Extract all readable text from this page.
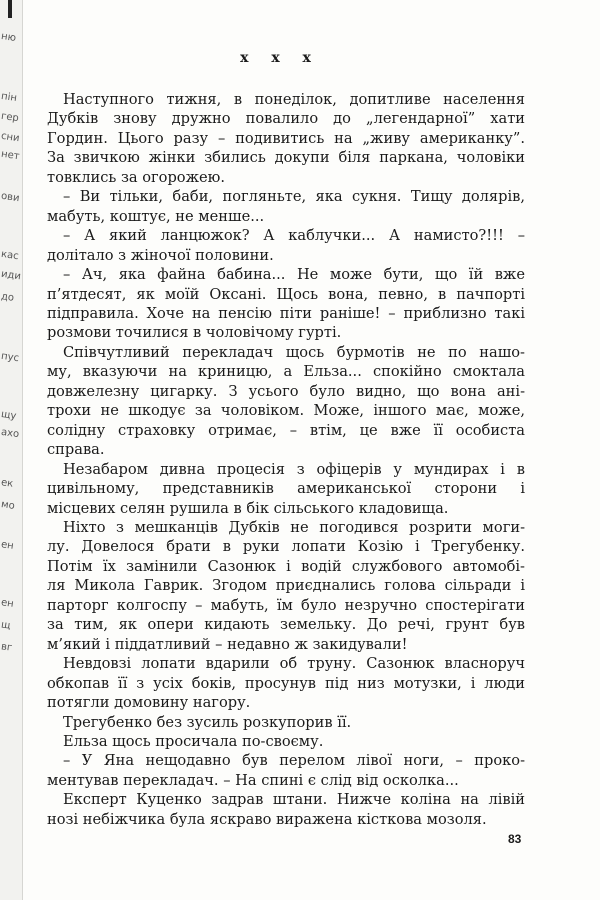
ню
пін
гер
сни
нет
ови
кас
иди
до
пус
щу
ахо
ек
мо
ен
ен
щ
вг
x x x
Наступного тижня, в понеділок, допитливе населення
Дубків знову дружно повалило до „легендарної” хати
Гордин. Цього разу – подивитись на „живу американку”.
За звичкою жінки збились докупи біля паркана, чоловіки
товклись за огорожею.
– Ви тільки, баби, погляньте, яка сукня. Тищу долярів,
мабуть, коштує, не менше...
– А який ланцюжок? А каблучки... А намисто?!!! –
долітало з жіночої половини.
– Ач, яка файна бабина... Не може бути, що їй вже
п’ятдесят, як моїй Оксані. Щось вона, певно, в пачпорті
підправила. Хоче на пенсію піти раніше! – приблизно такі
розмови точилися в чоловічому гурті.
Співчутливий перекладач щось бурмотів не по нашо-
му, вказуючи на криницю, а Ельза... спокійно смоктала
довжелезну цигарку. З усього було видно, що вона ані-
трохи не шкодує за чоловіком. Може, іншого має, може,
солідну страховку отримає, – втім, це вже її особиста
справа.
Незабаром дивна процесія з офіцерів у мундирах і в
цивільному, представників американської сторони і
місцевих селян рушила в бік сільського кладовища.
Ніхто з мешканців Дубків не погодився розрити моги-
лу. Довелося брати в руки лопати Козію і Трегубенку.
Потім їх замінили Сазонюк і водій службового автомобі-
ля Микола Гаврик. Згодом приєднались голова сільради і
парторг колгоспу – мабуть, їм було незручно спостерігати
за тим, як опери кидають земельку. До речі, грунт був
м’який і піддатливий – недавно ж закидували!
Невдовзі лопати вдарили об труну. Сазонюк власноруч
обкопав її з усіх боків, просунув під низ мотузки, і люди
потягли домовину нагору.
Трегубенко без зусиль розкупорив її.
Ельза щось просичала по-своєму.
– У Яна нещодавно був перелом лівої ноги, – проко-
ментував перекладач. – На спині є слід від осколка...
Експерт Куценко задрав штани. Нижче коліна на лівій
нозі небіжчика була яскраво виражена кісткова мозоля.
83
